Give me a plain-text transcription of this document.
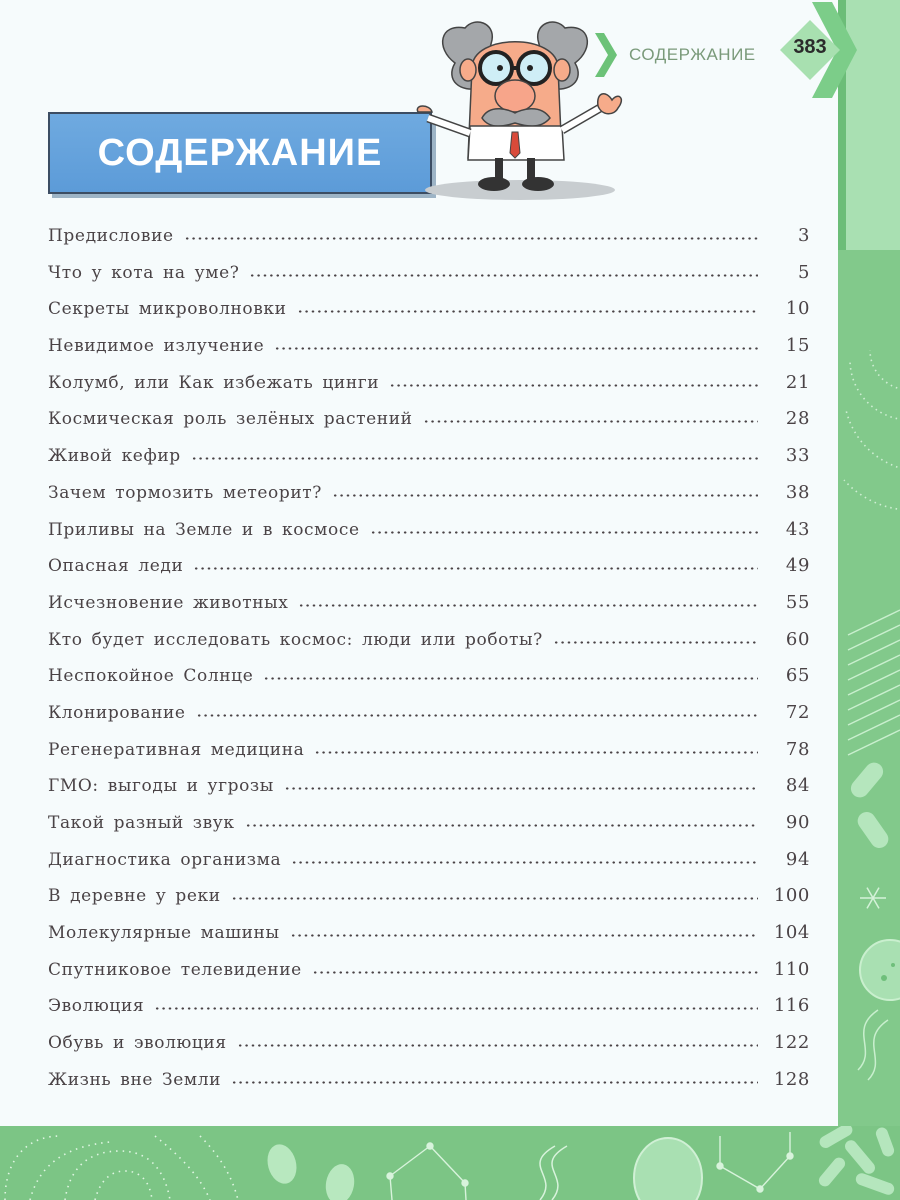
СОДЕРЖАНИЕ	383
СОДЕРЖАНИЕ
Предисловие	3
Что у кота на уме?	5
Секреты микроволновки	10
Невидимое излучение	15
Колумб, или Как избежать цинги	21
Космическая роль зелёных растений	28
Живой кефир	33
Зачем тормозить метеорит?	38
Приливы на Земле и в космосе	43
Опасная леди	49
Исчезновение животных	55
Кто будет исследовать космос: люди или роботы?	60
Неспокойное Солнце	65
Клонирование	72
Регенеративная медицина	78
ГМО: выгоды и угрозы	84
Такой разный звук	90
Диагностика организма	94
В деревне у реки	100
Молекулярные машины	104
Спутниковое телевидение	110
Эволюция	116
Обувь и эволюция	122
Жизнь вне Земли	128
